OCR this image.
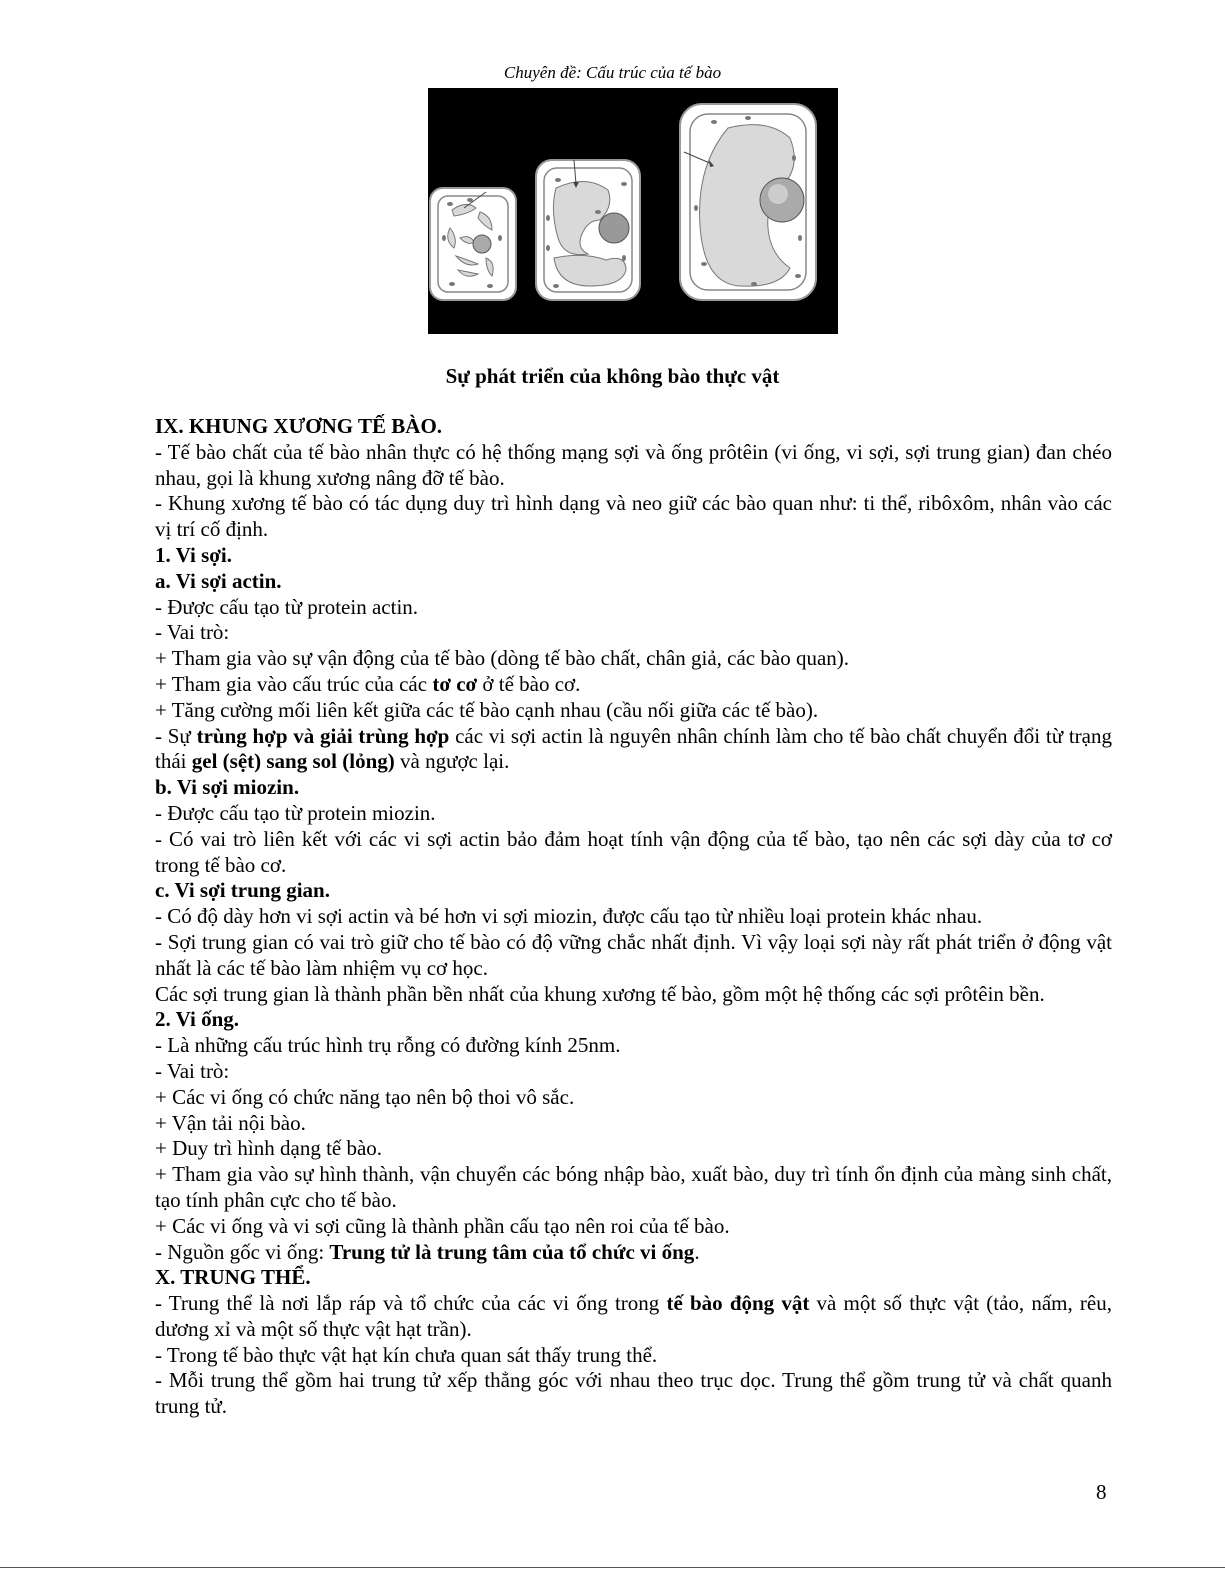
Chuyên đề: Cấu trúc của tế bào
Sự phát triển của không bào thực vật

IX. KHUNG XƯƠNG TẾ BÀO.

- Tế bào chất của tế bào nhân thực có hệ thống mạng sợi và ống prôtêin (vi ống, vi sợi, sợi trung gian) đan chéo nhau, gọi là khung xương nâng đỡ tế bào.

- Khung xương tế bào có tác dụng duy trì hình dạng và neo giữ các bào quan như: ti thể, ribôxôm, nhân vào các vị trí cố định.

1. Vi sợi.

a. Vi sợi actin.

- Được cấu tạo từ protein actin.

- Vai trò:

+ Tham gia vào sự vận động của tế bào (dòng tế bào chất, chân giả, các bào quan).

+ Tham gia vào cấu trúc của các tơ cơ ở tế bào cơ.

+ Tăng cường mối liên kết giữa các tế bào cạnh nhau (cầu nối giữa các tế bào).

- Sự trùng hợp và giải trùng hợp các vi sợi actin là nguyên nhân chính làm cho tế bào chất chuyển đổi từ trạng thái gel (sệt) sang sol (lỏng) và ngược lại.

b. Vi sợi miozin.

- Được cấu tạo từ protein miozin.

- Có vai trò liên kết với các vi sợi actin bảo đảm hoạt tính vận động của tế bào, tạo nên các sợi dày của tơ cơ trong tế bào cơ.

c. Vi sợi trung gian.

- Có độ dày hơn vi sợi actin và bé hơn vi sợi miozin, được cấu tạo từ nhiều loại protein khác nhau.

- Sợi trung gian có vai trò giữ cho tế bào có độ vững chắc nhất định. Vì vậy loại sợi này rất phát triển ở động vật nhất là các tế bào làm nhiệm vụ cơ học.

Các sợi trung gian là thành phần bền nhất của khung xương tế bào, gồm một hệ thống các sợi prôtêin bền.

2. Vi ống.

- Là những cấu trúc hình trụ rỗng có đường kính 25nm.

- Vai trò:

+ Các vi ống có chức năng tạo nên bộ thoi vô sắc.

+ Vận tải nội bào.

+ Duy trì hình dạng tế bào.

+ Tham gia vào sự hình thành, vận chuyển các bóng nhập bào, xuất bào, duy trì tính ổn định của màng sinh chất, tạo tính phân cực cho tế bào.

+ Các vi ống và vi sợi cũng là thành phần cấu tạo nên roi của tế bào.

- Nguồn gốc vi ống: Trung tử là trung tâm của tổ chức vi ống.

X. TRUNG THỂ.

- Trung thể là nơi lắp ráp và tổ chức của các vi ống trong tế bào động vật và một số thực vật (tảo, nấm, rêu, dương xỉ và một số thực vật hạt trần).

- Trong tế bào thực vật hạt kín chưa quan sát thấy trung thể.

- Mỗi trung thể gồm hai trung tử xếp thẳng góc với nhau theo trục dọc. Trung thể gồm trung tử và chất quanh trung tử.

8
